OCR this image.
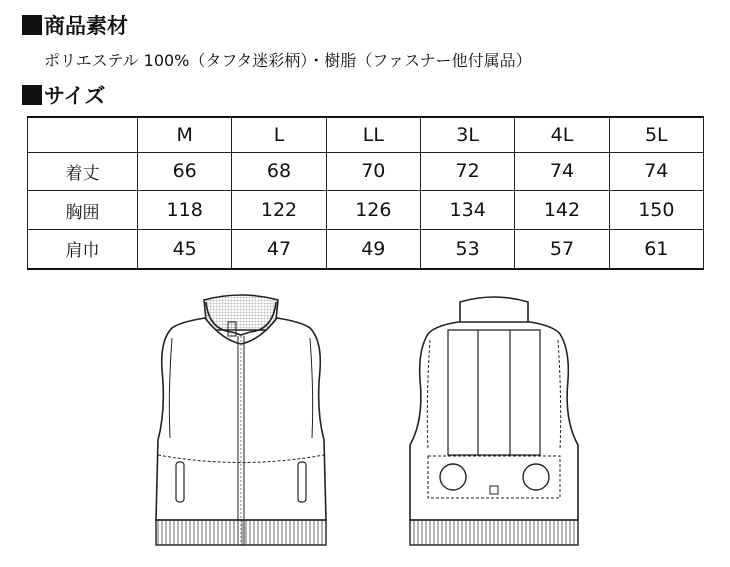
商品素材
ポリエステル 100%（タフタ迷彩柄）・樹脂（ファスナー他付属品）
サイズ
	M	L	LL	3L	4L	5L
着丈	66	68	70	72	74	74
胸囲	118	122	126	134	142	150
肩巾	45	47	49	53	57	61
